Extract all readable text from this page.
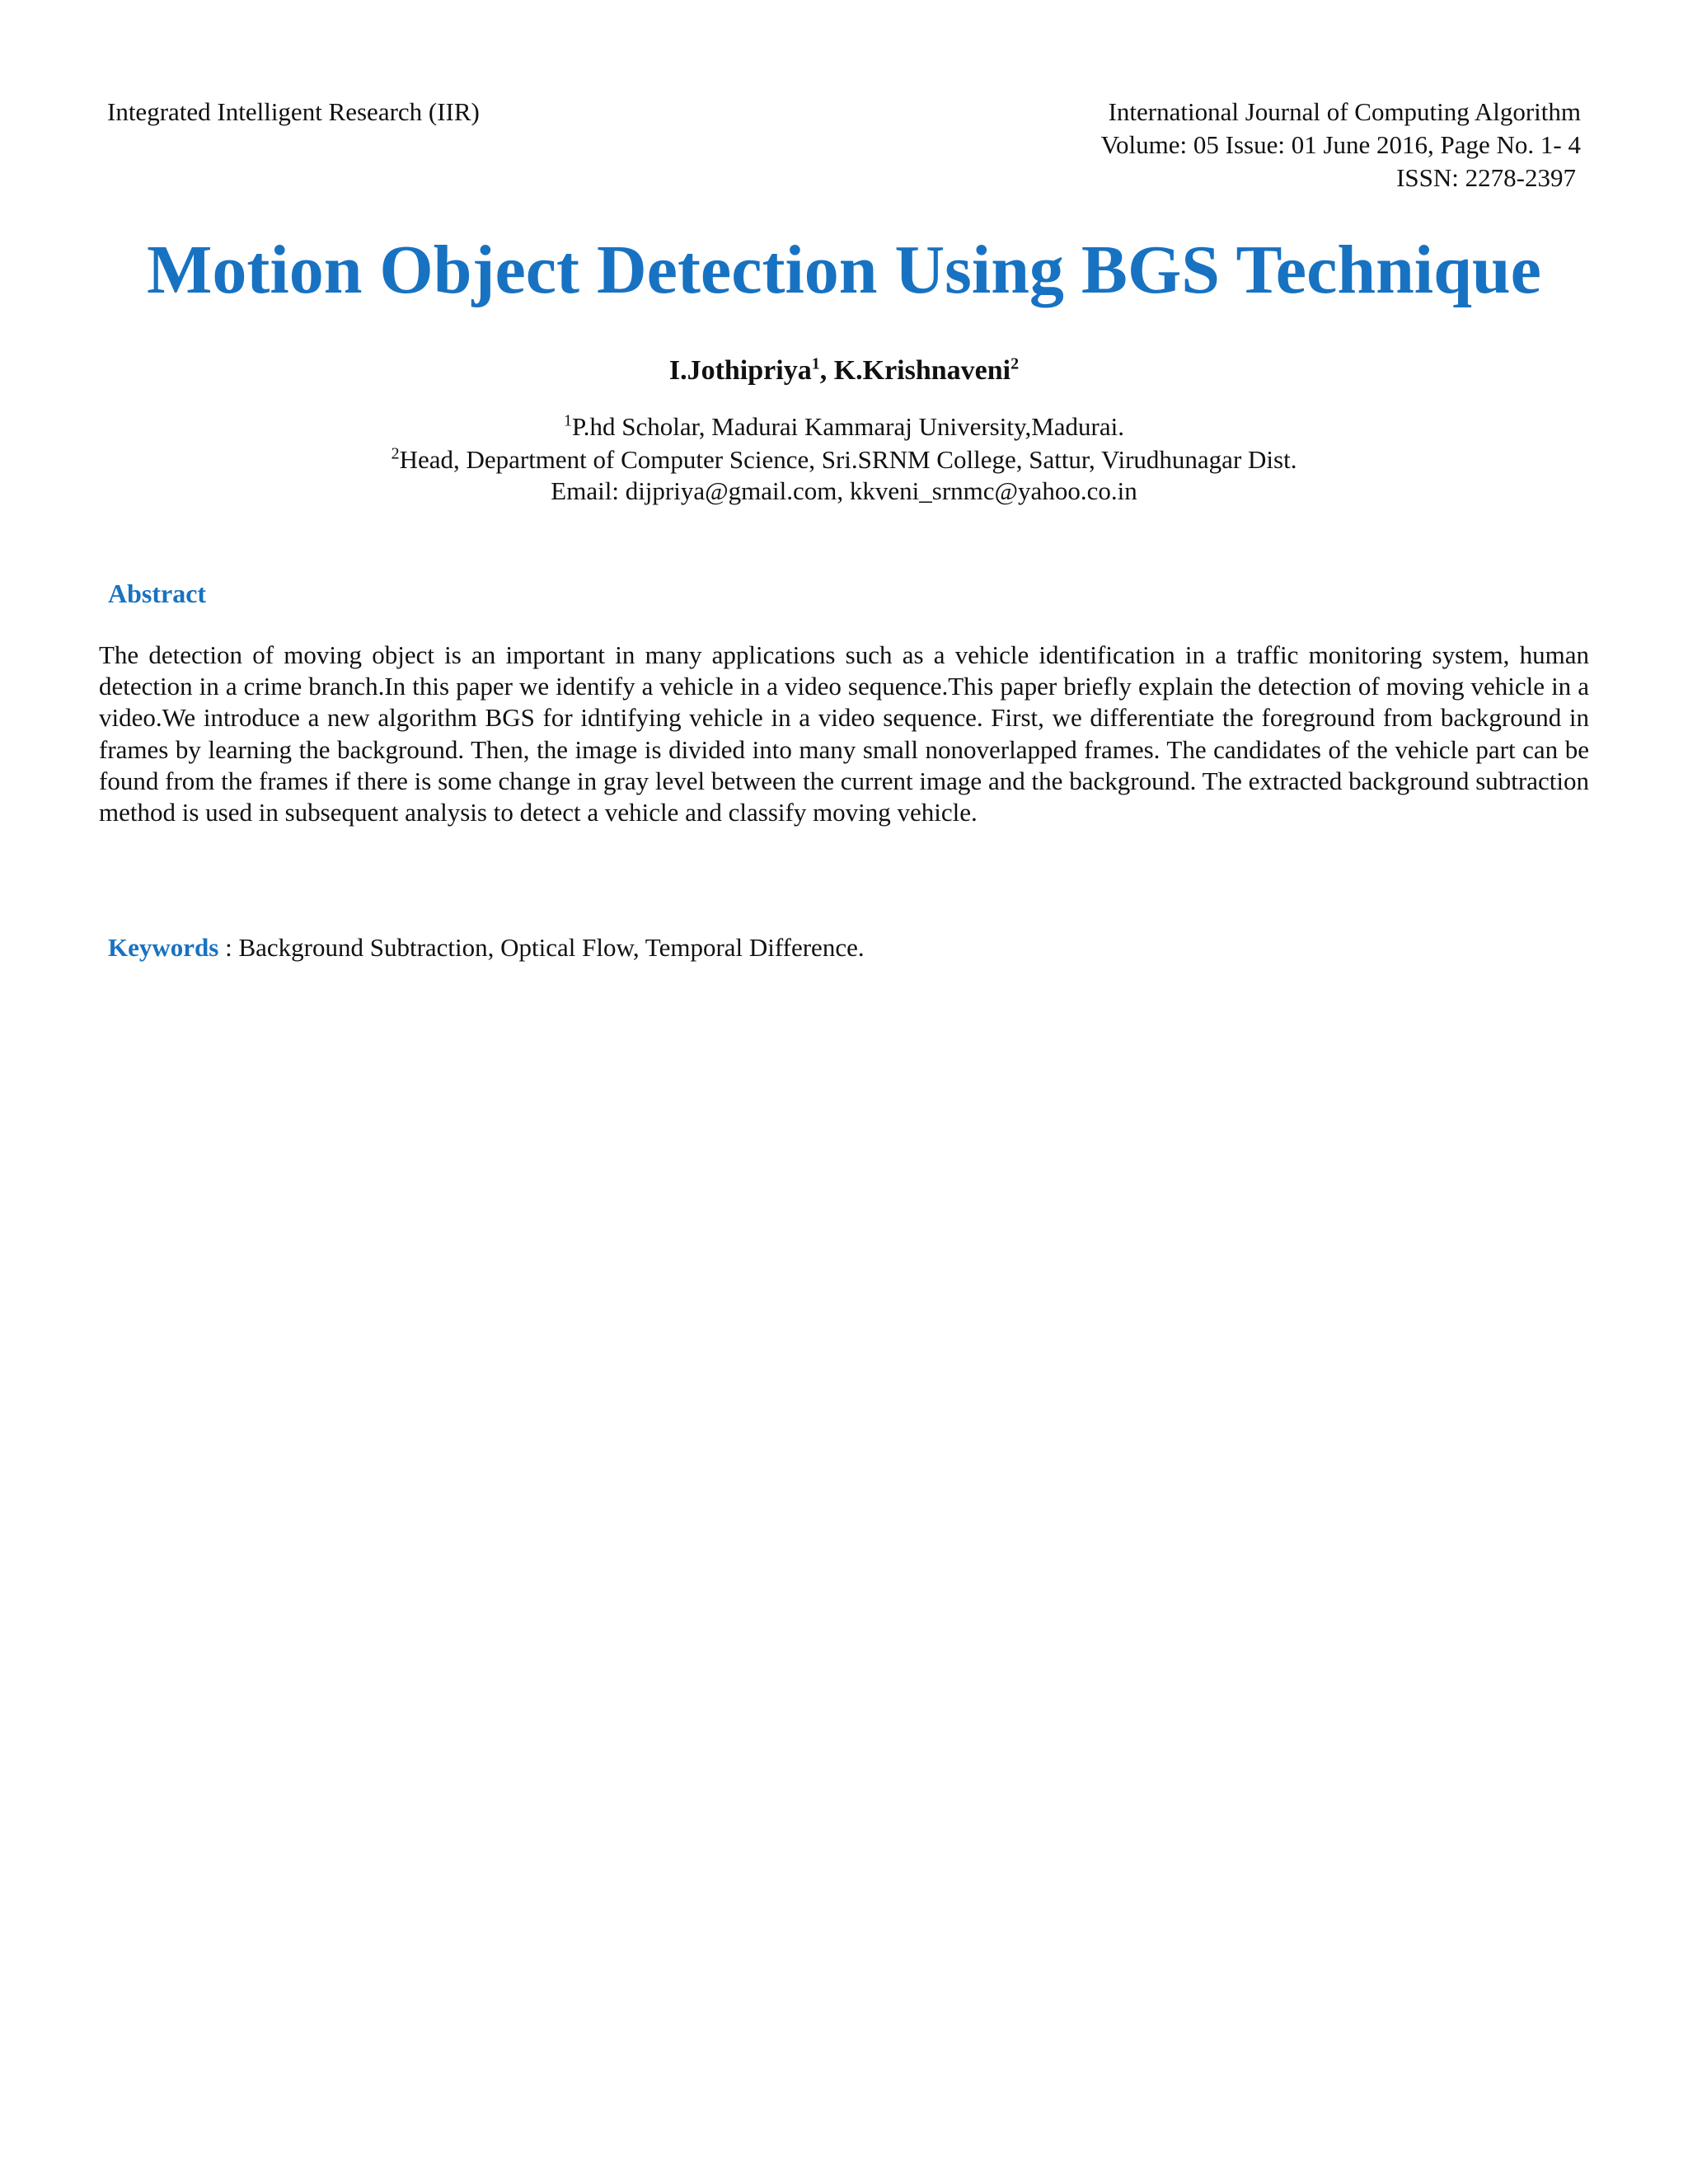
Integrated Intelligent Research (IIR)	International Journal of Computing Algorithm
Volume: 05 Issue: 01 June 2016, Page No. 1- 4
ISSN: 2278-2397
Motion Object Detection Using BGS Technique
I.Jothipriya$^1$, K.Krishnaveni$^2$
$^1$P.hd Scholar, Madurai Kammaraj University,Madurai.
$^2$Head, Department of Computer Science, Sri.SRNM College, Sattur, Virudhunagar Dist.
Email: dijpriya@gmail.com, kkveni_srnmc@yahoo.co.in
Abstract
The detection of moving object is an important in many applications such as a vehicle identification in a traffic monitoring system, human detection in a crime branch.In this paper we identify a vehicle in a video sequence.This paper briefly explain the detection of moving vehicle in a video.We introduce a new algorithm BGS for idntifying vehicle in a video sequence. First, we differentiate the foreground from background in frames by learning the background. Then, the image is divided into many small nonoverlapped frames. The candidates of the vehicle part can be found from the frames if there is some change in gray level between the current image and the background. The extracted background subtraction method is used in subsequent analysis to detect a vehicle and classify moving vehicle.
Keywords : Background Subtraction, Optical Flow, Temporal Difference.
